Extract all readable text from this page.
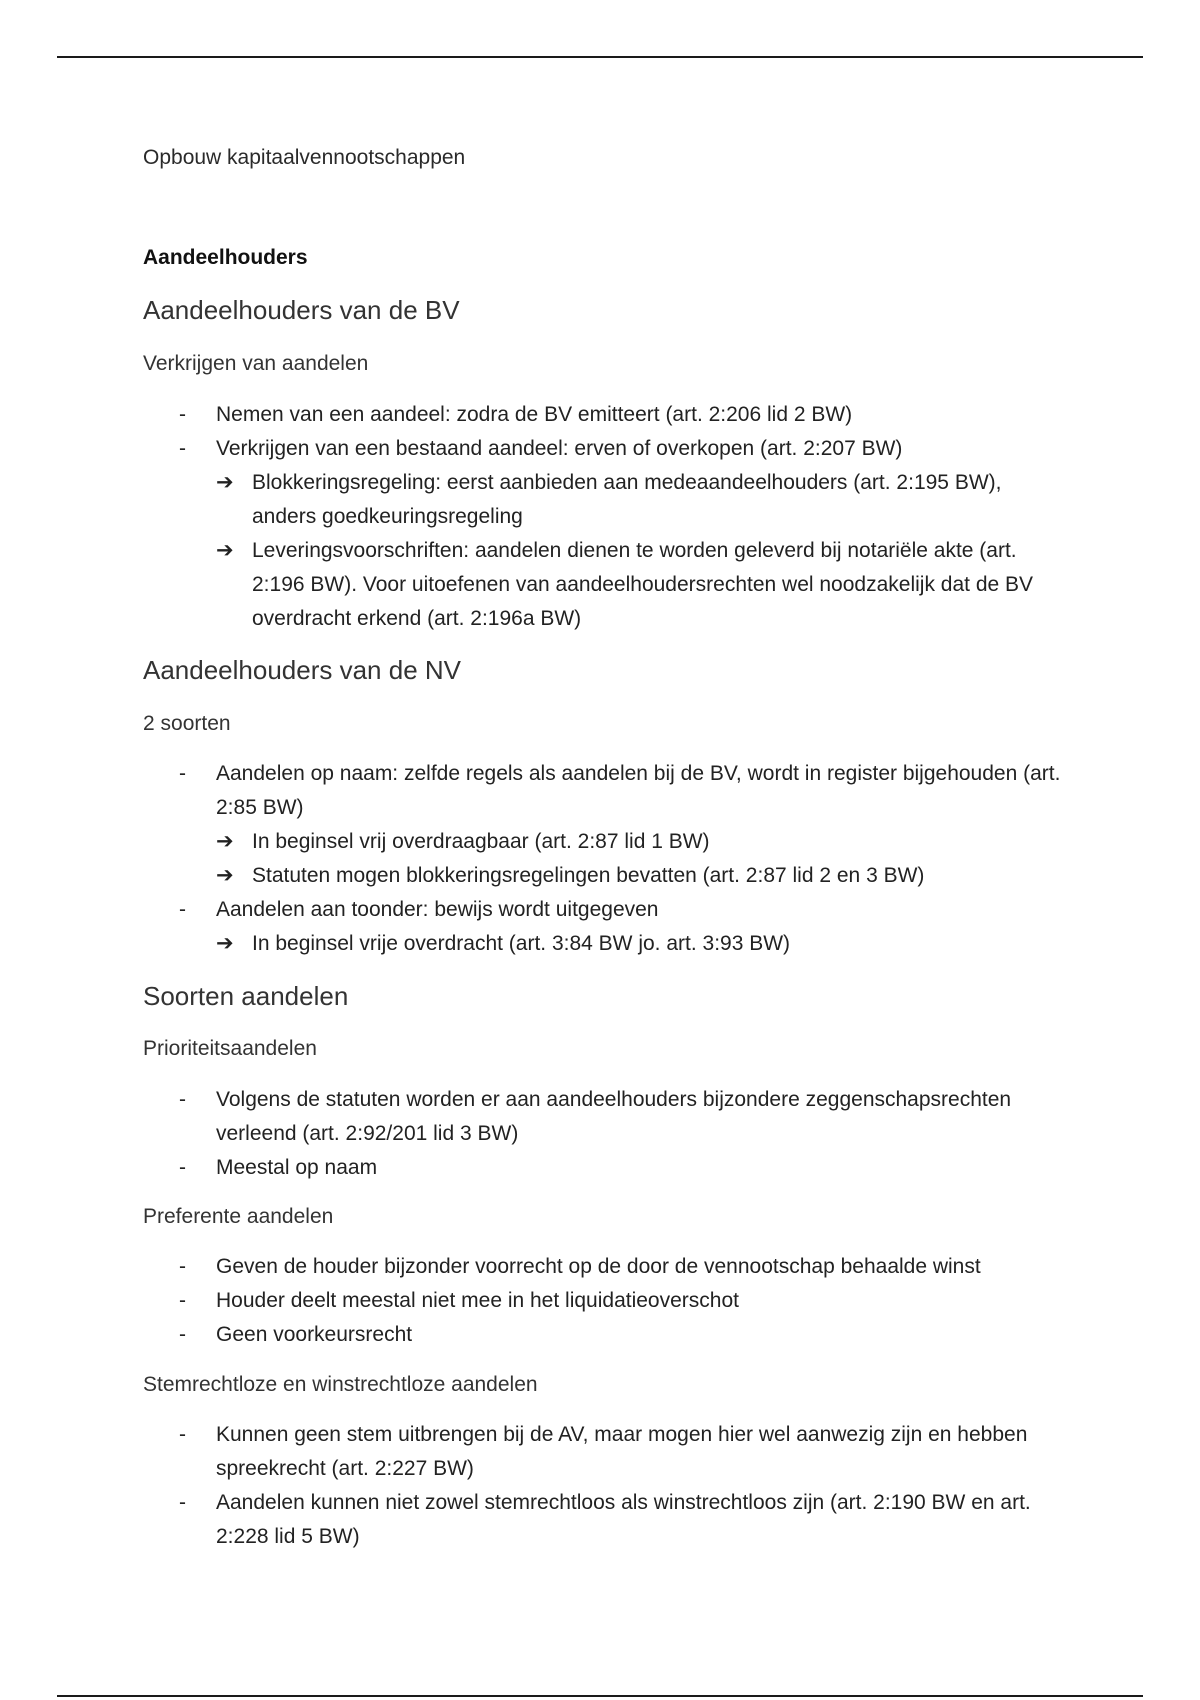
Opbouw kapitaalvennootschappen
Aandeelhouders
Aandeelhouders van de BV
Verkrijgen van aandelen
- Nemen van een aandeel: zodra de BV emitteert (art. 2:206 lid 2 BW)
- Verkrijgen van een bestaand aandeel: erven of overkopen (art. 2:207 BW)
➔ Blokkeringsregeling: eerst aanbieden aan medeaandeelhouders (art. 2:195 BW), anders goedkeuringsregeling
➔ Leveringsvoorschriften: aandelen dienen te worden geleverd bij notariële akte (art. 2:196 BW). Voor uitoefenen van aandeelhoudersrechten wel noodzakelijk dat de BV overdracht erkend (art. 2:196a BW)
Aandeelhouders van de NV
2 soorten
- Aandelen op naam: zelfde regels als aandelen bij de BV, wordt in register bijgehouden (art. 2:85 BW)
➔ In beginsel vrij overdraagbaar (art. 2:87 lid 1 BW)
➔ Statuten mogen blokkeringsregelingen bevatten (art. 2:87 lid 2 en 3 BW)
- Aandelen aan toonder: bewijs wordt uitgegeven
➔ In beginsel vrije overdracht (art. 3:84 BW jo. art. 3:93 BW)
Soorten aandelen
Prioriteitsaandelen
- Volgens de statuten worden er aan aandeelhouders bijzondere zeggenschapsrechten verleend (art. 2:92/201 lid 3 BW)
- Meestal op naam
Preferente aandelen
- Geven de houder bijzonder voorrecht op de door de vennootschap behaalde winst
- Houder deelt meestal niet mee in het liquidatieoverschot
- Geen voorkeursrecht
Stemrechtloze en winstrechtloze aandelen
- Kunnen geen stem uitbrengen bij de AV, maar mogen hier wel aanwezig zijn en hebben spreekrecht (art. 2:227 BW)
- Aandelen kunnen niet zowel stemrechtloos als winstrechtloos zijn (art. 2:190 BW en art. 2:228 lid 5 BW)
